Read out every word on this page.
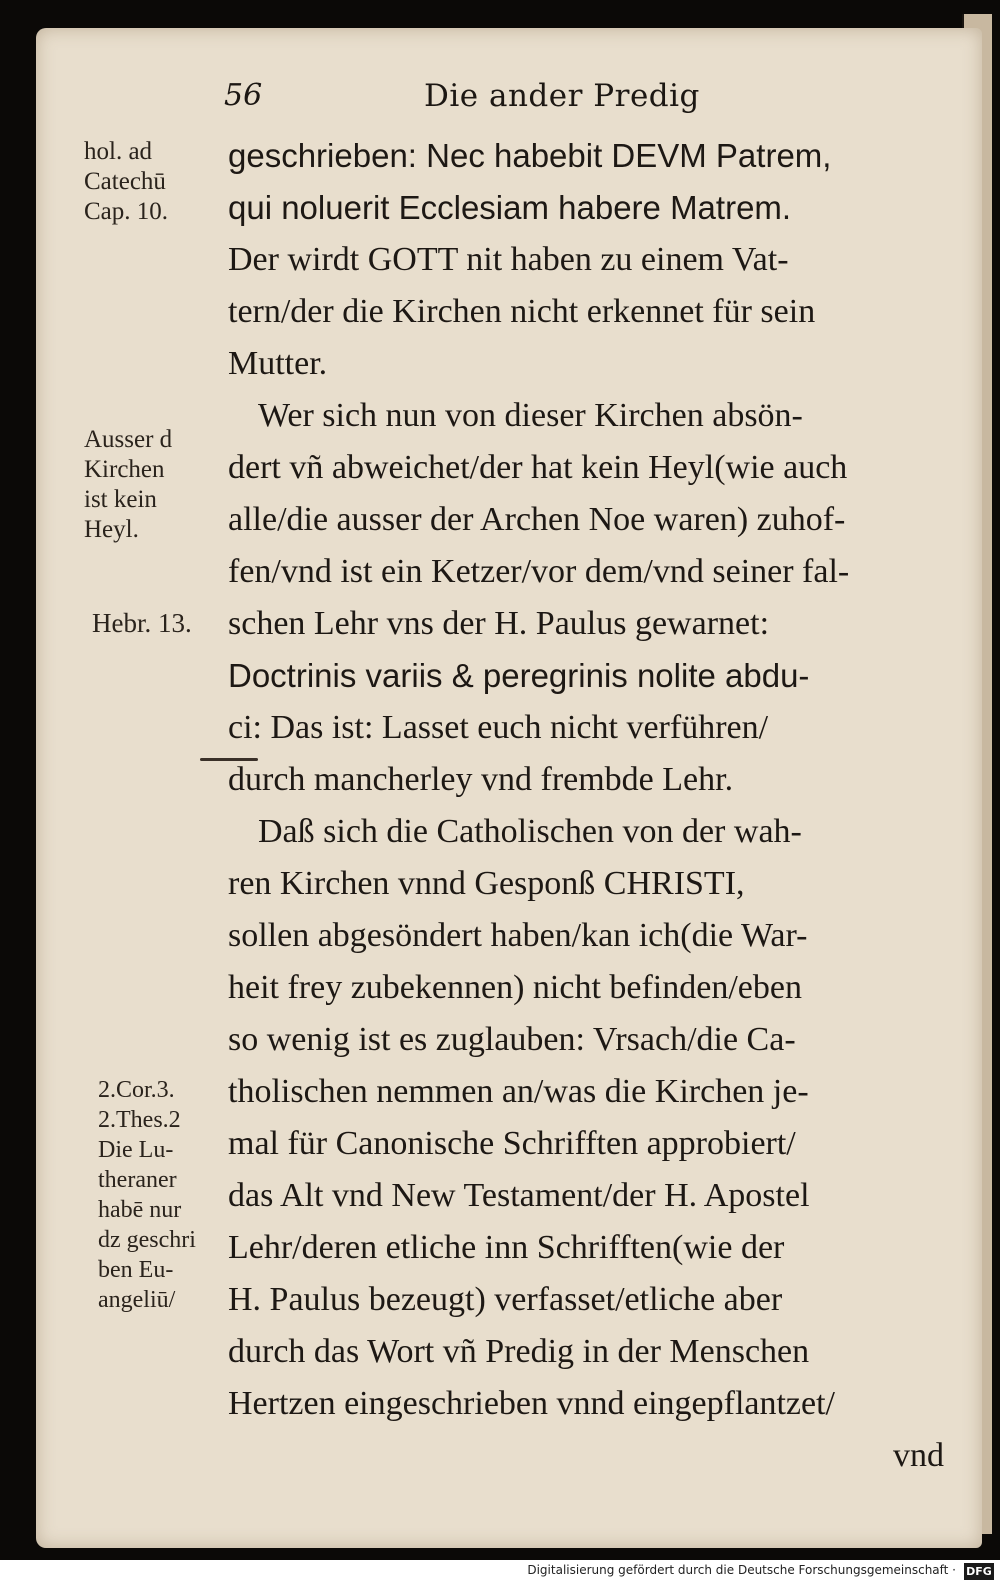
56	Die ander Predig
hol. ad
Catechū
Cap. 10.
Ausser d
Kirchen
ist kein
Heyl.
Hebr. 13.
2.Cor.3.
2.Thes.2
Die Lu-
theraner
habē nur
dz geschri
ben Eu-
angeliū/
geschrieben: Nec habebit DEVM Patrem,
qui noluerit Ecclesiam habere Matrem.
Der wirdt GOTT nit haben zu einem Vat-
tern/der die Kirchen nicht erkennet für sein
Mutter.
Wer sich nun von dieser Kirchen absön-
dert vñ abweichet/der hat kein Heyl(wie auch
alle/die ausser der Archen Noe waren) zuhof-
fen/vnd ist ein Ketzer/vor dem/vnd seiner fal-
schen Lehr vns der H. Paulus gewarnet:
Doctrinis variis & peregrinis nolite abdu-
ci: Das ist: Lasset euch nicht verführen/
durch mancherley vnd frembde Lehr.
Daß sich die Catholischen von der wah-
ren Kirchen vnnd Gesponß CHRISTI,
sollen abgesöndert haben/kan ich(die War-
heit frey zubekennen) nicht befinden/eben
so wenig ist es zuglauben: Vrsach/die Ca-
tholischen nemmen an/was die Kirchen je-
mal für Canonische Schrifften approbiert/
das Alt vnd New Testament/der H. Apostel
Lehr/deren etliche inn Schrifften(wie der
H. Paulus bezeugt) verfasset/etliche aber
durch das Wort vñ Predig in der Menschen
Hertzen eingeschrieben vnnd eingepflantzet/
vnd
Digitalisierung gefördert durch die Deutsche Forschungsgemeinschaft · DFG
